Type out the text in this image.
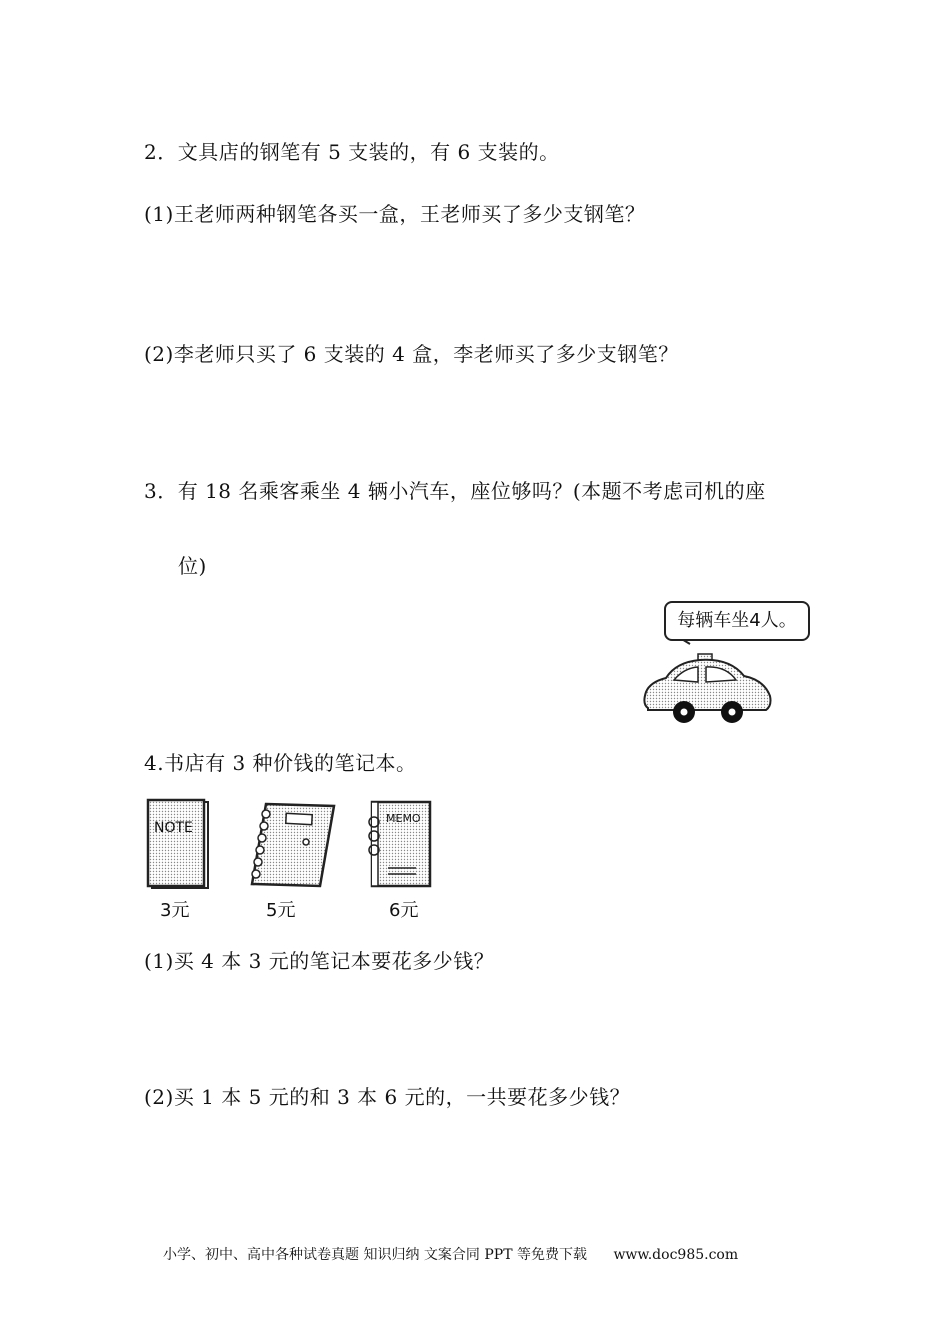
2．文具店的钢笔有 5 支装的，有 6 支装的。
(1)王老师两种钢笔各买一盒，王老师买了多少支钢笔？
(2)李老师只买了 6 支装的 4 盒，李老师买了多少支钢笔？
3．有 18 名乘客乘坐 4 辆小汽车，座位够吗？(本题不考虑司机的座
位)
每辆车坐4人。
4.书店有 3 种价钱的笔记本。
NOTE
MEMO
3元	5元	6元
(1)买 4 本 3 元的笔记本要花多少钱？
(2)买 1 本 5 元的和 3 本 6 元的，一共要花多少钱？
小学、初中、高中各种试卷真题 知识归纳 文案合同 PPT 等免费下载 www.doc985.com
